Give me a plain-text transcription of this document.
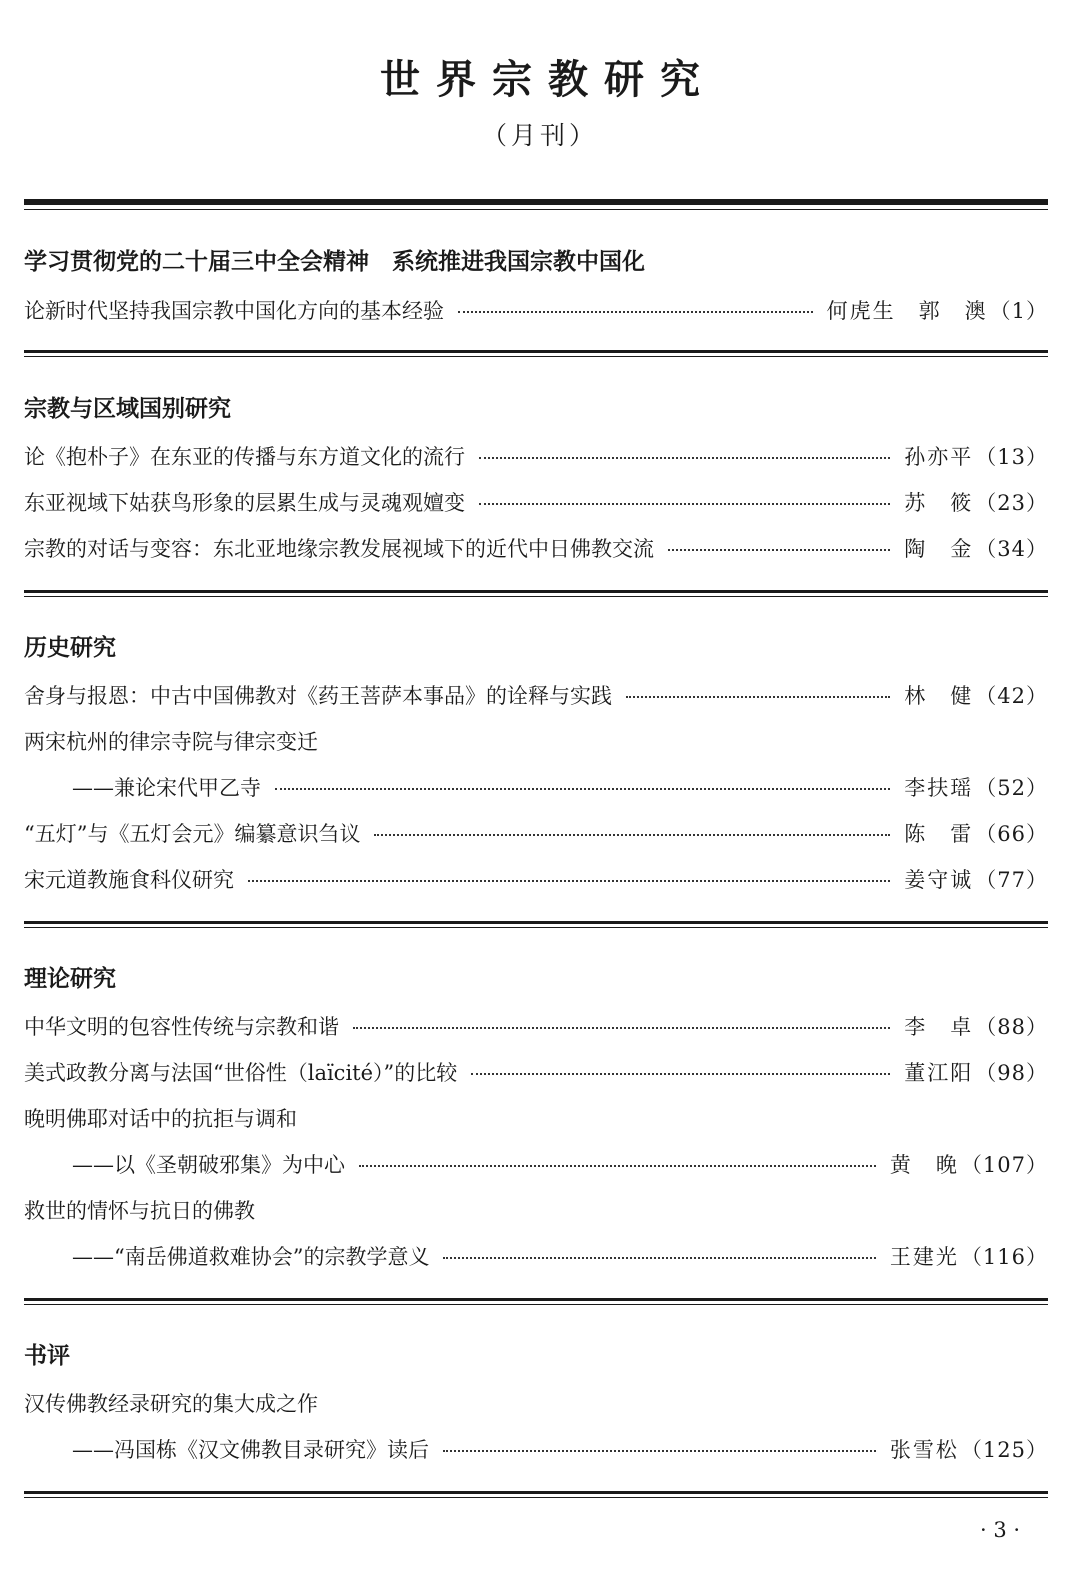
世界宗教研究
（月刊）
学习贯彻党的二十届三中全会精神　系统推进我国宗教中国化
论新时代坚持我国宗教中国化方向的基本经验	何虎生　郭　澳 （1）
宗教与区域国别研究
论《抱朴子》在东亚的传播与东方道文化的流行	孙亦平 （13）
东亚视域下姑获鸟形象的层累生成与灵魂观嬗变	苏　筱 （23）
宗教的对话与变容：东北亚地缘宗教发展视域下的近代中日佛教交流	陶　金 （34）
历史研究
舍身与报恩：中古中国佛教对《药王菩萨本事品》的诠释与实践	林　健 （42）
两宋杭州的律宗寺院与律宗变迁
——兼论宋代甲乙寺	李扶瑶 （52）
“五灯”与《五灯会元》编纂意识刍议	陈　雷 （66）
宋元道教施食科仪研究	姜守诚 （77）
理论研究
中华文明的包容性传统与宗教和谐	李　卓 （88）
美式政教分离与法国“世俗性（laïcité）”的比较	董江阳 （98）
晚明佛耶对话中的抗拒与调和
——以《圣朝破邪集》为中心	黄　晚 （107）
救世的情怀与抗日的佛教
——“南岳佛道救难协会”的宗教学意义	王建光 （116）
书评
汉传佛教经录研究的集大成之作
——冯国栋《汉文佛教目录研究》读后	张雪松 （125）
· 3 ·
